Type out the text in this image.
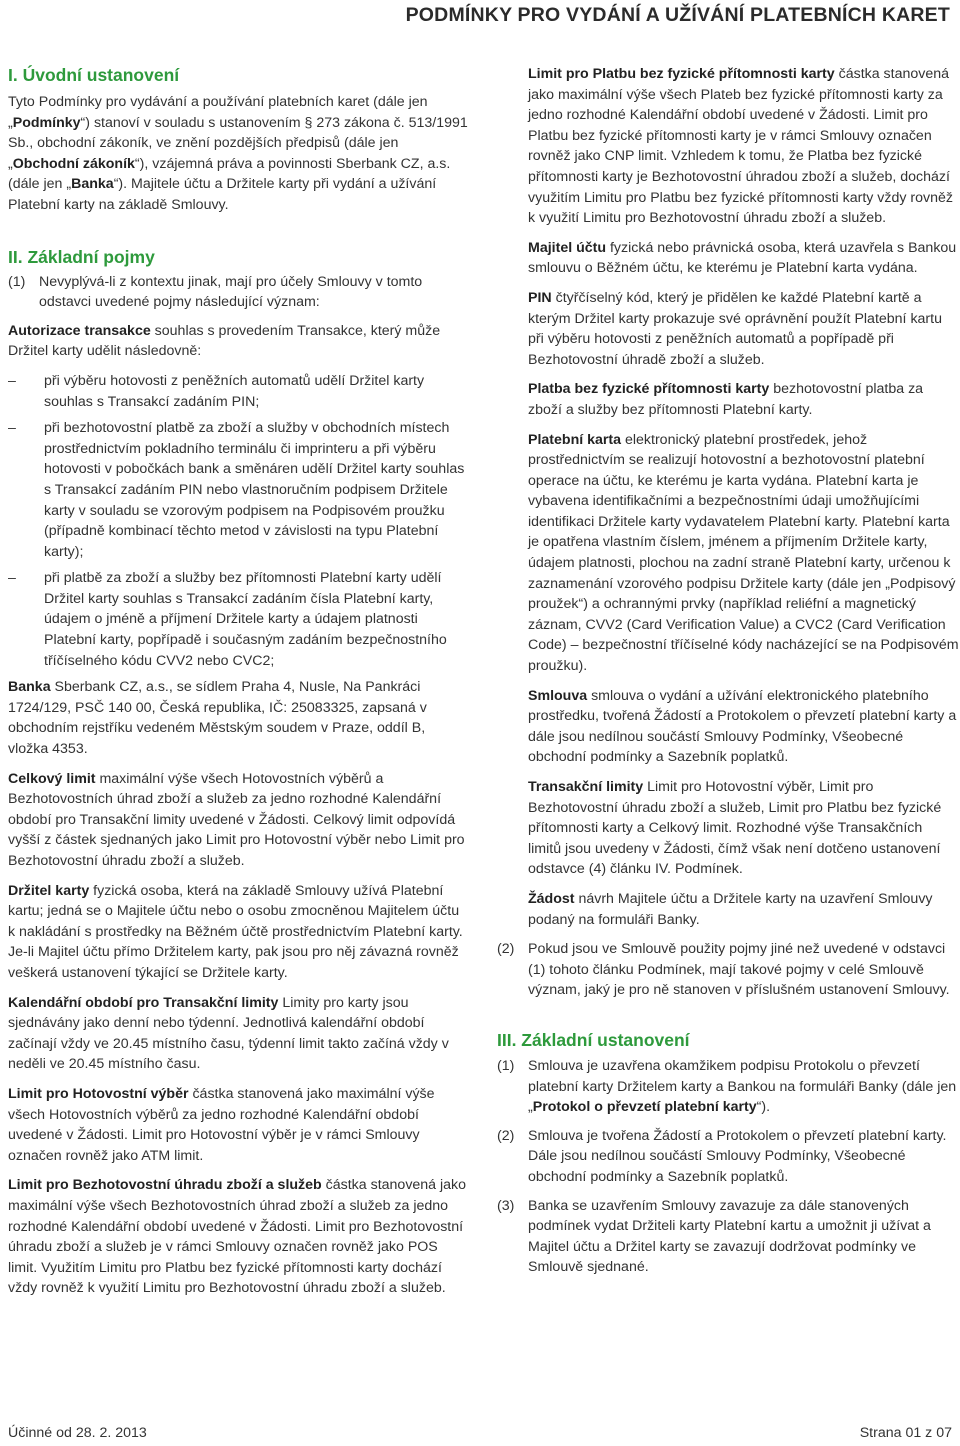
PODMÍNKY PRO VYDÁNÍ A UŽÍVÁNÍ PLATEBNÍCH KARET
I. Úvodní ustanovení

Tyto Podmínky pro vydávání a používání platebních karet (dále jen „Podmínky“) stanoví v souladu s ustanovením § 273 zákona č. 513/1991 Sb., obchodní zákoník, ve znění pozdějších předpisů (dále jen „Obchodní zákoník“), vzájemná práva a povinnosti Sberbank CZ, a.s. (dále jen „Banka“). Majitele účtu a Držitele karty při vydání a užívání Platební karty na základě Smlouvy.

II. Základní pojmy
(1) Nevyplývá-li z kontextu jinak, mají pro účely Smlouvy v tomto odstavci uvedené pojmy následující význam:

Autorizace transakce souhlas s provedením Transakce, který může Držitel karty udělit následovně:

–	při výběru hotovosti z peněžních automatů udělí Držitel karty souhlas s Transakcí zadáním PIN;
–	při bezhotovostní platbě za zboží a služby v obchodních místech prostřednictvím pokladního terminálu či imprinteru a při výběru hotovosti v pobočkách bank a směnáren udělí Držitel karty souhlas s Transakcí zadáním PIN nebo vlastnoručním podpisem Držitele karty v souladu se vzorovým podpisem na Podpisovém proužku (případně kombinací těchto metod v závislosti na typu Platební karty);
–	při platbě za zboží a služby bez přítomnosti Platební karty udělí Držitel karty souhlas s Transakcí zadáním čísla Platební karty, údajem o jméně a příjmení Držitele karty a údajem platnosti Platební karty, popřípadě i současným zadáním bezpečnostního tříčíselného kódu CVV2 nebo CVC2;

Banka Sberbank CZ, a.s., se sídlem Praha 4, Nusle, Na Pankráci 1724/129, PSČ 140 00, Česká republika, IČ: 25083325, zapsaná v obchodním rejstříku vedeném Městským soudem v Praze, oddíl B, vložka 4353.

Celkový limit maximální výše všech Hotovostních výběrů a Bezhotovostních úhrad zboží a služeb za jedno rozhodné Kalendářní období pro Transakční limity uvedené v Žádosti. Celkový limit odpovídá vyšší z částek sjednaných jako Limit pro Hotovostní výběr nebo Limit pro Bezhotovostní úhradu zboží a služeb.

Držitel karty fyzická osoba, která na základě Smlouvy užívá Platební kartu; jedná se o Majitele účtu nebo o osobu zmocněnou Majitelem účtu k nakládání s prostředky na Běžném účtě prostřednictvím Platební karty. Je-li Majitel účtu přímo Držitelem karty, pak jsou pro něj závazná rovněž veškerá ustanovení týkající se Držitele karty.

Kalendářní období pro Transakční limity Limity pro karty jsou sjednávány jako denní nebo týdenní. Jednotlivá kalendářní období začínají vždy ve 20.45 místního času, týdenní limit takto začíná vždy v neděli ve 20.45 místního času.

Limit pro Hotovostní výběr částka stanovená jako maximální výše všech Hotovostních výběrů za jedno rozhodné Kalendářní období uvedené v Žádosti. Limit pro Hotovostní výběr je v rámci Smlouvy označen rovněž jako ATM limit.

Limit pro Bezhotovostní úhradu zboží a služeb částka stanovená jako maximální výše všech Bezhotovostních úhrad zboží a služeb za jedno rozhodné Kalendářní období uvedené v Žádosti. Limit pro Bezhotovostní úhradu zboží a služeb je v rámci Smlouvy označen rovněž jako POS limit. Využitím Limitu pro Platbu bez fyzické přítomnosti karty dochází vždy rovněž k využití Limitu pro Bezhotovostní úhradu zboží a služeb.

Limit pro Platbu bez fyzické přítomnosti karty částka stanovená jako maximální výše všech Plateb bez fyzické přítomnosti karty za jedno rozhodné Kalendářní období uvedené v Žádosti. Limit pro Platbu bez fyzické přítomnosti karty je v rámci Smlouvy označen rovněž jako CNP limit. Vzhledem k tomu, že Platba bez fyzické přítomnosti karty je Bezhotovostní úhradou zboží a služeb, dochází využitím Limitu pro Platbu bez fyzické přítomnosti karty vždy rovněž k využití Limitu pro Bezhotovostní úhradu zboží a služeb.

Majitel účtu fyzická nebo právnická osoba, která uzavřela s Bankou smlouvu o Běžném účtu, ke kterému je Platební karta vydána.

PIN čtyřčíselný kód, který je přidělen ke každé Platební kartě a kterým Držitel karty prokazuje své oprávnění použít Platební kartu při výběru hotovosti z peněžních automatů a popřípadě při Bezhotovostní úhradě zboží a služeb.

Platba bez fyzické přítomnosti karty bezhotovostní platba za zboží a služby bez přítomnosti Platební karty.

Platební karta elektronický platební prostředek, jehož prostřednictvím se realizují hotovostní a bezhotovostní platební operace na účtu, ke kterému je karta vydána. Platební karta je vybavena identifikačními a bezpečnostními údaji umožňujícími identifikaci Držitele karty vydavatelem Platební karty. Platební karta je opatřena vlastním číslem, jménem a příjmením Držitele karty, údajem platnosti, plochou na zadní straně Platební karty, určenou k zaznamenání vzorového podpisu Držitele karty (dále jen „Podpisový proužek“) a ochrannými prvky (například reliéfní a magnetický záznam, CVV2 (Card Verification Value) a CVC2 (Card Verification Code) – bezpečnostní tříčíselné kódy nacházející se na Podpisovém proužku).

Smlouva smlouva o vydání a užívání elektronického platebního prostředku, tvořená Žádostí a Protokolem o převzetí platební karty a dále jsou nedílnou součástí Smlouvy Podmínky, Všeobecné obchodní podmínky a Sazebník poplatků.

Transakční limity Limit pro Hotovostní výběr, Limit pro Bezhotovostní úhradu zboží a služeb, Limit pro Platbu bez fyzické přítomnosti karty a Celkový limit. Rozhodné výše Transakčních limitů jsou uvedeny v Žádosti, čímž však není dotčeno ustanovení odstavce (4) článku IV. Podmínek.

Žádost návrh Majitele účtu a Držitele karty na uzavření Smlouvy podaný na formuláři Banky.

(2) Pokud jsou ve Smlouvě použity pojmy jiné než uvedené v odstavci (1) tohoto článku Podmínek, mají takové pojmy v celé Smlouvě význam, jaký je pro ně stanoven v příslušném ustanovení Smlouvy.
III. Základní ustanovení
(1) Smlouva je uzavřena okamžikem podpisu Protokolu o převzetí platební karty Držitelem karty a Bankou na formuláři Banky (dále jen „Protokol o převzetí platební karty“).
(2) Smlouva je tvořena Žádostí a Protokolem o převzetí platební karty. Dále jsou nedílnou součástí Smlouvy Podmínky, Všeobecné obchodní podmínky a Sazebník poplatků.
(3) Banka se uzavřením Smlouvy zavazuje za dále stanovených podmínek vydat Držiteli karty Platební kartu a umožnit ji užívat a Majitel účtu a Držitel karty se zavazují dodržovat podmínky ve Smlouvě sjednané.
Účinné od 28. 2. 2013	Strana 01 z 07
